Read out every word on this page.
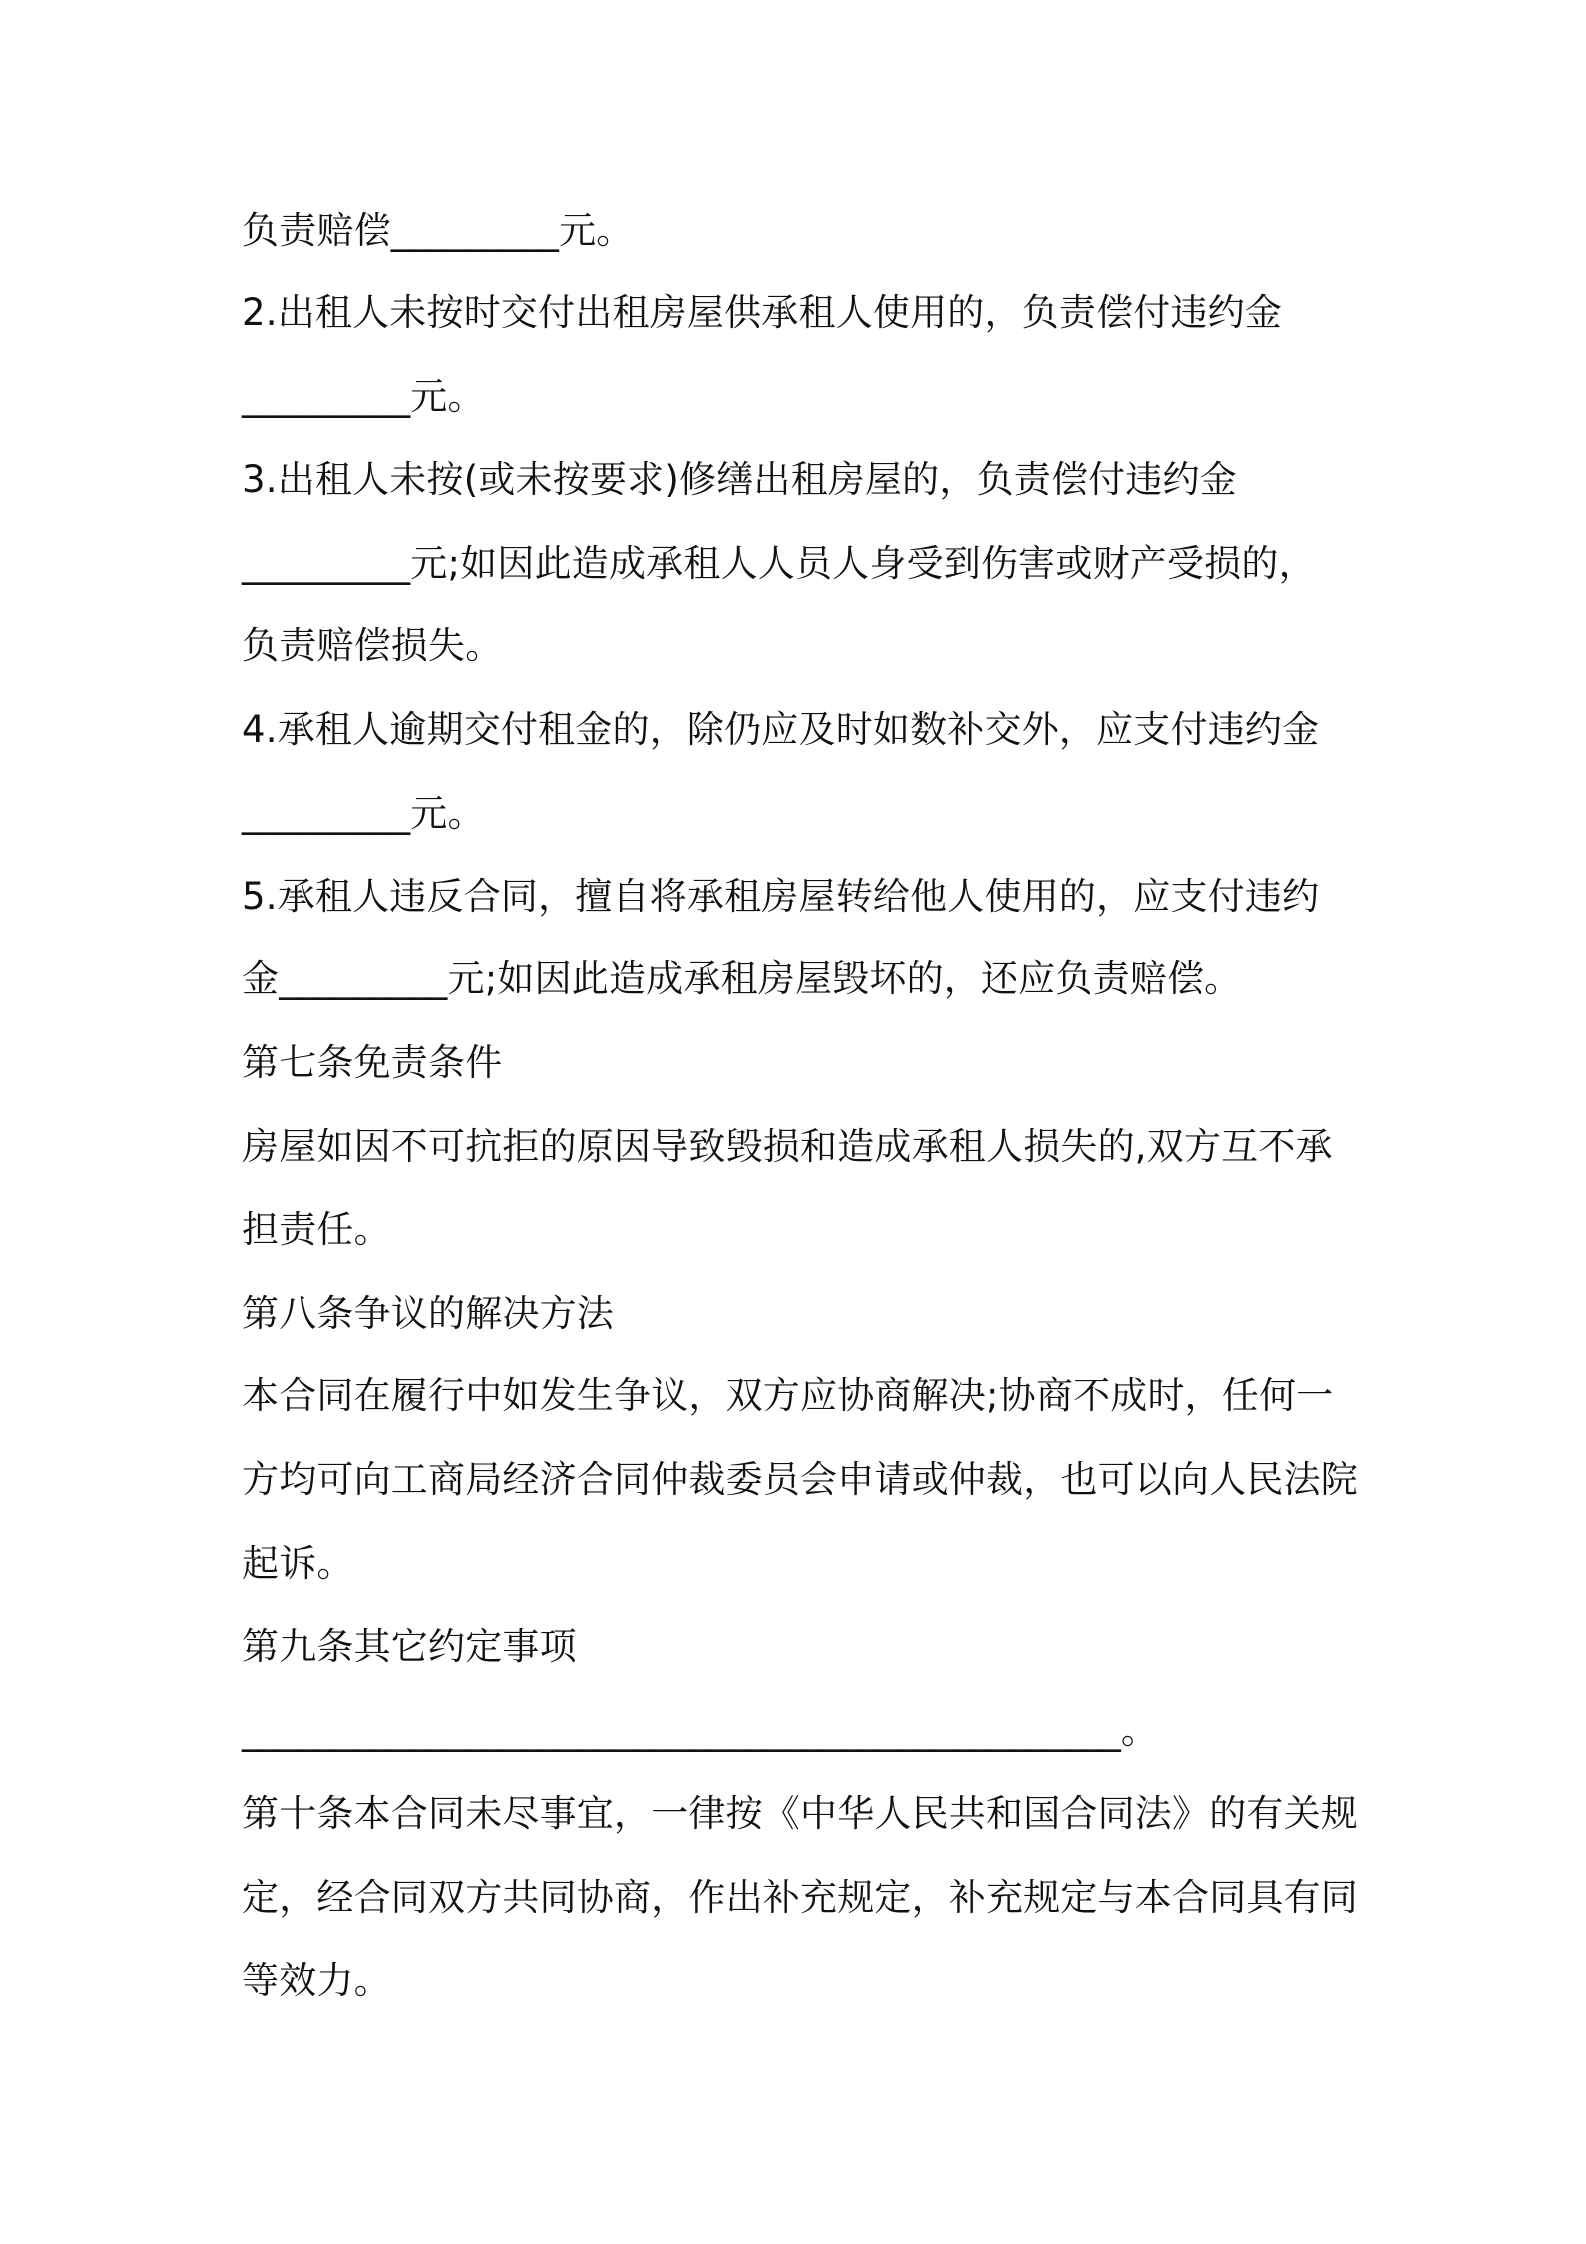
负责赔偿_________元。
2.出租人未按时交付出租房屋供承租人使用的，负责偿付违约金
_________元。
3.出租人未按(或未按要求)修缮出租房屋的，负责偿付违约金
_________元;如因此造成承租人人员人身受到伤害或财产受损的，
负责赔偿损失。
4.承租人逾期交付租金的，除仍应及时如数补交外，应支付违约金
_________元。
5.承租人违反合同，擅自将承租房屋转给他人使用的，应支付违约
金_________元;如因此造成承租房屋毁坏的，还应负责赔偿。
第七条免责条件
房屋如因不可抗拒的原因导致毁损和造成承租人损失的,双方互不承
担责任。
第八条争议的解决方法
本合同在履行中如发生争议，双方应协商解决;协商不成时，任何一
方均可向工商局经济合同仲裁委员会申请或仲裁，也可以向人民法院
起诉。
第九条其它约定事项
_______________________________________________。
第十条本合同未尽事宜，一律按《中华人民共和国合同法》的有关规
定，经合同双方共同协商，作出补充规定，补充规定与本合同具有同
等效力。
